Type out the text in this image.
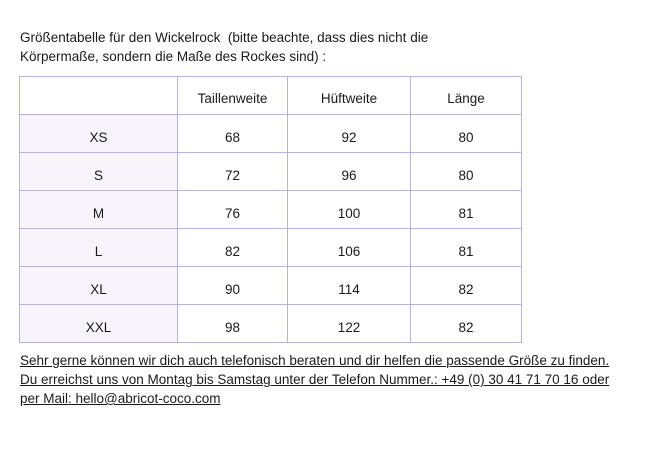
Größentabelle für den Wickelrock  (bitte beachte, dass dies nicht die
Körpermaße, sondern die Maße des Rockes sind) :
	Taillenweite	Hüftweite	Länge
XS	68	92	80
S	72	96	80
M	76	100	81
L	82	106	81
XL	90	114	82
XXL	98	122	82
Sehr gerne können wir dich auch telefonisch beraten und dir helfen die passende Größe zu finden.
Du erreichst uns von Montag bis Samstag unter der Telefon Nummer.: +49 (0) 30 41 71 70 16 oder
per Mail: hello@abricot-coco.com
